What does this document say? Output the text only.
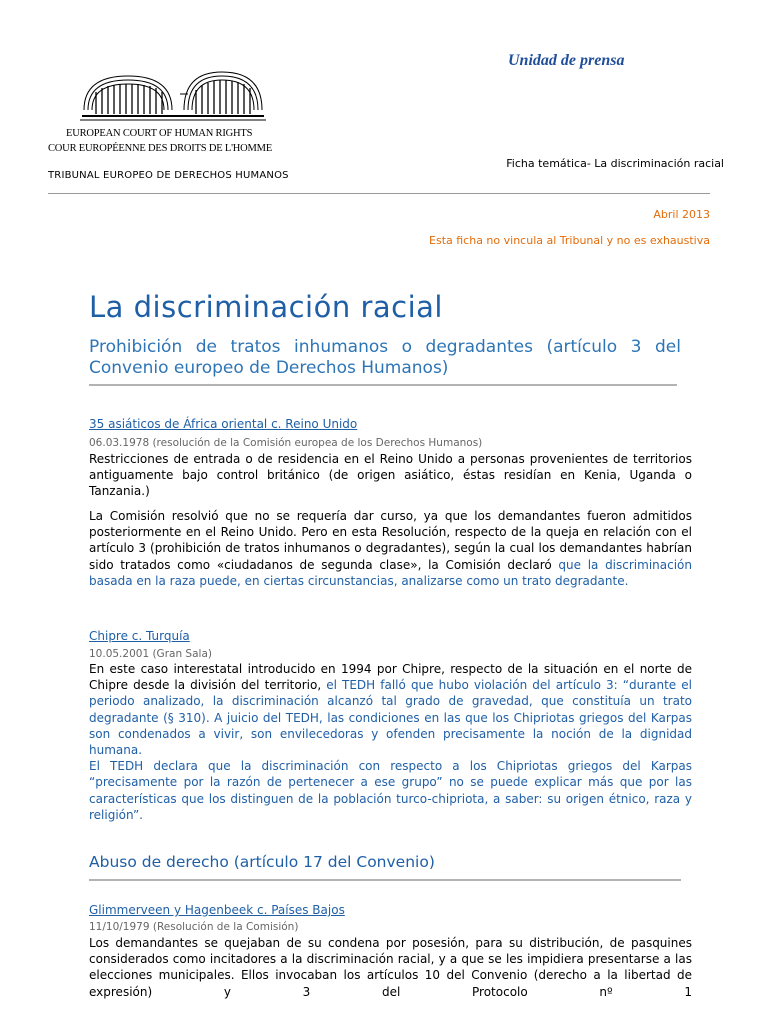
Unidad de prensa
EUROPEAN COURT OF HUMAN RIGHTS
COUR EUROPÉENNE DES DROITS DE L'HOMME
TRIBUNAL EUROPEO DE DERECHOS HUMANOS
Ficha temática- La discriminación racial
Abril 2013
Esta ficha no vincula al Tribunal y no es exhaustiva
La discriminación racial
Prohibición de tratos inhumanos o degradantes (artículo 3 del Convenio europeo de Derechos Humanos)
35 asiáticos de África oriental c. Reino Unido
06.03.1978 (resolución de la Comisión europea de los Derechos Humanos)
Restricciones de entrada o de residencia en el Reino Unido a personas provenientes de territorios antiguamente bajo control británico (de origen asiático, éstas residían en Kenia, Uganda o Tanzania.)
La Comisión resolvió que no se requería dar curso, ya que los demandantes fueron admitidos posteriormente en el Reino Unido. Pero en esta Resolución, respecto de la queja en relación con el artículo 3 (prohibición de tratos inhumanos o degradantes), según la cual los demandantes habrían sido tratados como «ciudadanos de segunda clase», la Comisión declaró que la discriminación basada en la raza puede, en ciertas circunstancias, analizarse como un trato degradante.
Chipre c. Turquía
10.05.2001 (Gran Sala)
En este caso interestatal introducido en 1994 por Chipre, respecto de la situación en el norte de Chipre desde la división del territorio, el TEDH falló que hubo violación del artículo 3: “durante el periodo analizado, la discriminación alcanzó tal grado de gravedad, que constituía un trato degradante (§ 310). A juicio del TEDH, las condiciones en las que los Chipriotas griegos del Karpas son condenados a vivir, son envilecedoras y ofenden precisamente la noción de la dignidad humana.
El TEDH declara que la discriminación con respecto a los Chipriotas griegos del Karpas “precisamente por la razón de pertenecer a ese grupo” no se puede explicar más que por las características que los distinguen de la población turco-chipriota, a saber: su origen étnico, raza y religión”.
Abuso de derecho (artículo 17 del Convenio)
Glimmerveen y Hagenbeek c. Países Bajos
11/10/1979 (Resolución de la Comisión)
Los demandantes se quejaban de su condena por posesión, para su distribución, de pasquines considerados como incitadores a la discriminación racial, y a que se les impidiera presentarse a las elecciones municipales. Ellos invocaban los artículos 10 del Convenio (derecho a la libertad de expresión) y 3 del Protocolo nº 1
